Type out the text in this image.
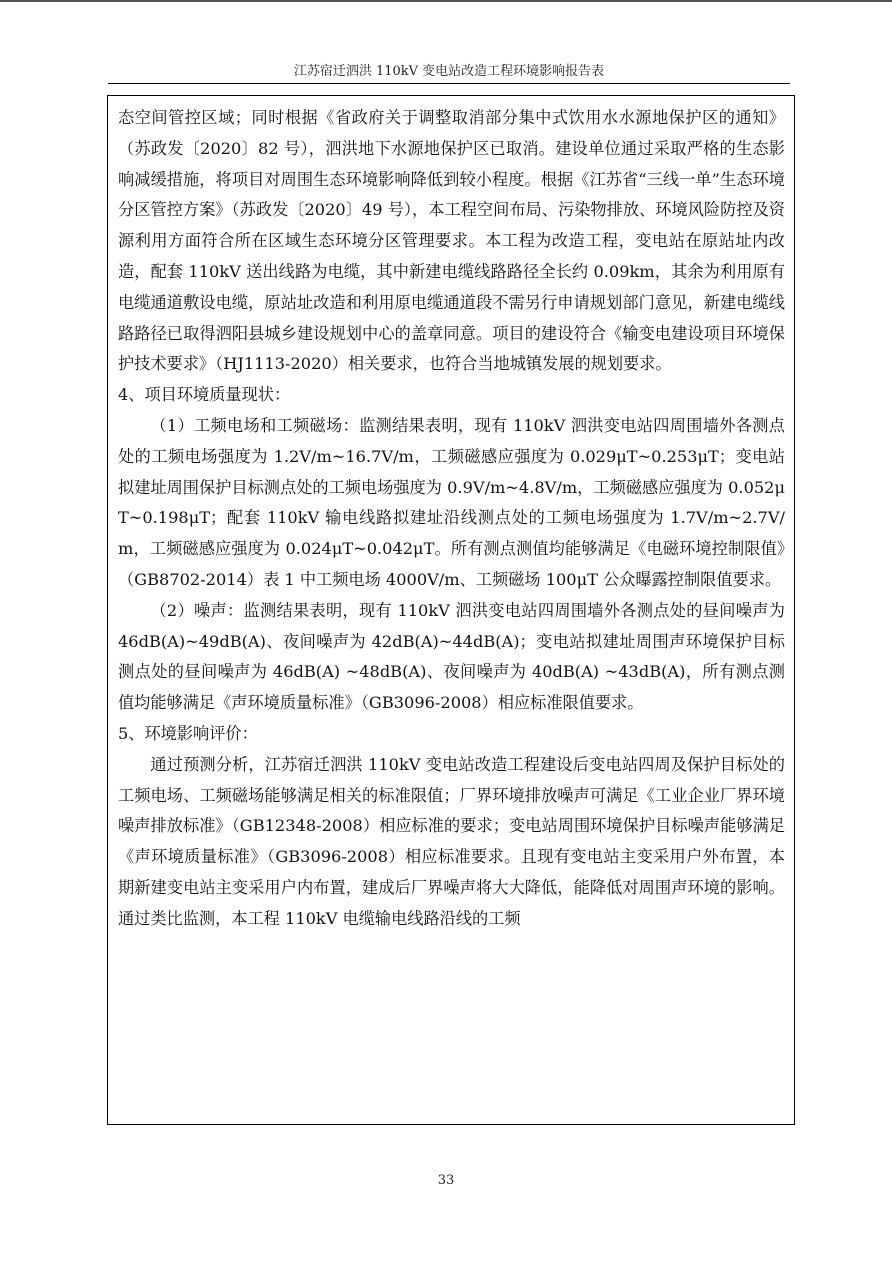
江苏宿迁泗洪 110kV 变电站改造工程环境影响报告表

态空间管控区域；同时根据《省政府关于调整取消部分集中式饮用水水源地保护区的通知》（苏政发〔2020〕82 号），泗洪地下水源地保护区已取消。建设单位通过采取严格的生态影响减缓措施，将项目对周围生态环境影响降低到较小程度。根据《江苏省“三线一单”生态环境分区管控方案》（苏政发〔2020〕49 号），本工程空间布局、污染物排放、环境风险防控及资源利用方面符合所在区域生态环境分区管理要求。本工程为改造工程，变电站在原站址内改造，配套 110kV 送出线路为电缆，其中新建电缆线路路径全长约 0.09km，其余为利用原有电缆通道敷设电缆，原站址改造和利用原电缆通道段不需另行申请规划部门意见，新建电缆线路路径已取得泗阳县城乡建设规划中心的盖章同意。项目的建设符合《输变电建设项目环境保护技术要求》（HJ1113-2020）相关要求，也符合当地城镇发展的规划要求。

4、项目环境质量现状：

（1）工频电场和工频磁场：监测结果表明，现有 110kV 泗洪变电站四周围墙外各测点处的工频电场强度为 1.2V/m~16.7V/m，工频磁感应强度为 0.029μT~0.253μT；变电站拟建址周围保护目标测点处的工频电场强度为 0.9V/m~4.8V/m，工频磁感应强度为 0.052μT~0.198μT；配套 110kV 输电线路拟建址沿线测点处的工频电场强度为 1.7V/m~2.7V/m，工频磁感应强度为 0.024μT~0.042μT。所有测点测值均能够满足《电磁环境控制限值》（GB8702-2014）表 1 中工频电场 4000V/m、工频磁场 100μT 公众曝露控制限值要求。

（2）噪声：监测结果表明，现有 110kV 泗洪变电站四周围墙外各测点处的昼间噪声为 46dB(A)~49dB(A)、夜间噪声为 42dB(A)~44dB(A)；变电站拟建址周围声环境保护目标测点处的昼间噪声为 46dB(A) ~48dB(A)、夜间噪声为 40dB(A) ~43dB(A)，所有测点测值均能够满足《声环境质量标准》（GB3096-2008）相应标准限值要求。

5、环境影响评价：

通过预测分析，江苏宿迁泗洪 110kV 变电站改造工程建设后变电站四周及保护目标处的工频电场、工频磁场能够满足相关的标准限值；厂界环境排放噪声可满足《工业企业厂界环境噪声排放标准》（GB12348-2008）相应标准的要求；变电站周围环境保护目标噪声能够满足《声环境质量标准》（GB3096-2008）相应标准要求。且现有变电站主变采用户外布置，本期新建变电站主变采用户内布置，建成后厂界噪声将大大降低，能降低对周围声环境的影响。通过类比监测，本工程 110kV 电缆输电线路沿线的工频

33
